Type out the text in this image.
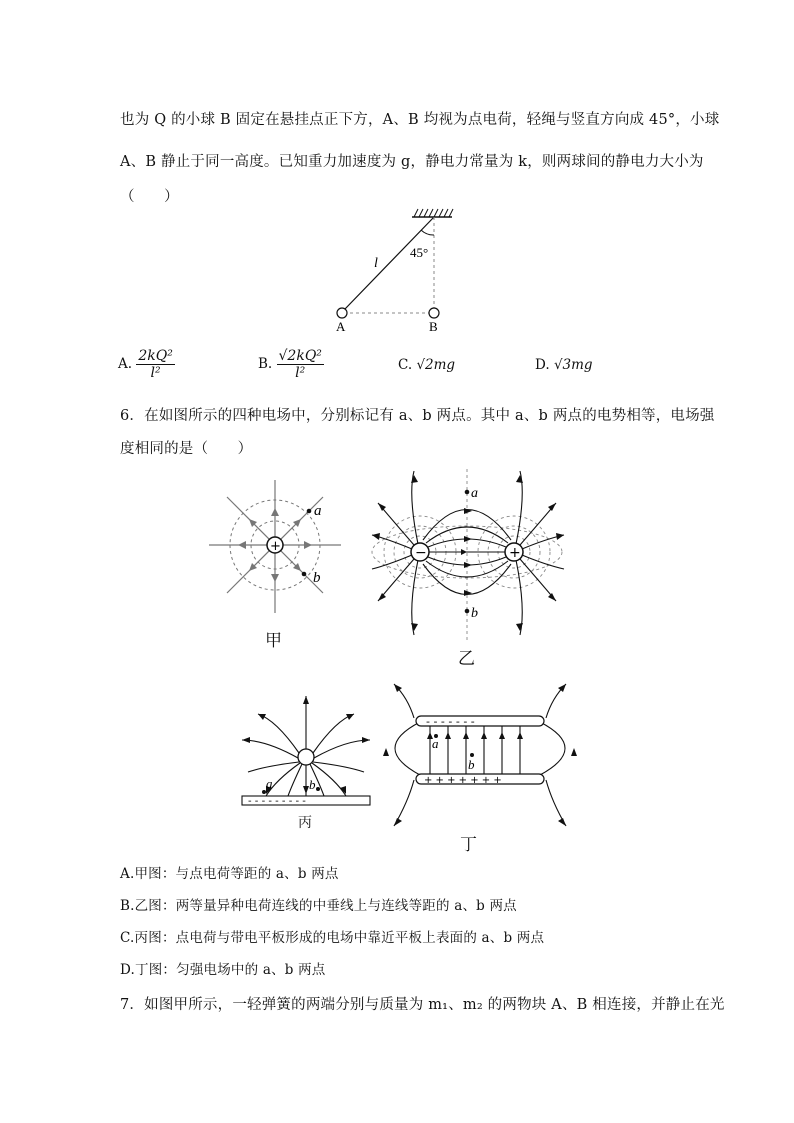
也为 Q 的小球 B 固定在悬挂点正下方，A、B 均视为点电荷，轻绳与竖直方向成 45°，小球
A、B 静止于同一高度。已知重力加速度为 g，静电力常量为 k，则两球间的静电力大小为
（　　）
45°
l
A	B
A. $\frac{\text{2kQ²}}{\text{l²}}$	B. $\frac{\text{√2kQ²}}{\text{l²}}$	C. √2mg	D. √3mg
6．在如图所示的四种电场中，分别标记有 a、b 两点。其中 a、b 两点的电势相等，电场强
度相同的是（　　）
+
a
b
甲
−	+
a
b
乙
- - - - - - - - -
a	b
丙
- - - - - - -
+ + + + + + +
a
b
丁
A.甲图：与点电荷等距的 a、b 两点
B.乙图：两等量异种电荷连线的中垂线上与连线等距的 a、b 两点
C.丙图：点电荷与带电平板形成的电场中靠近平板上表面的 a、b 两点
D.丁图：匀强电场中的 a、b 两点
7．如图甲所示，一轻弹簧的两端分别与质量为 m₁、m₂ 的两物块 A、B 相连接，并静止在光
